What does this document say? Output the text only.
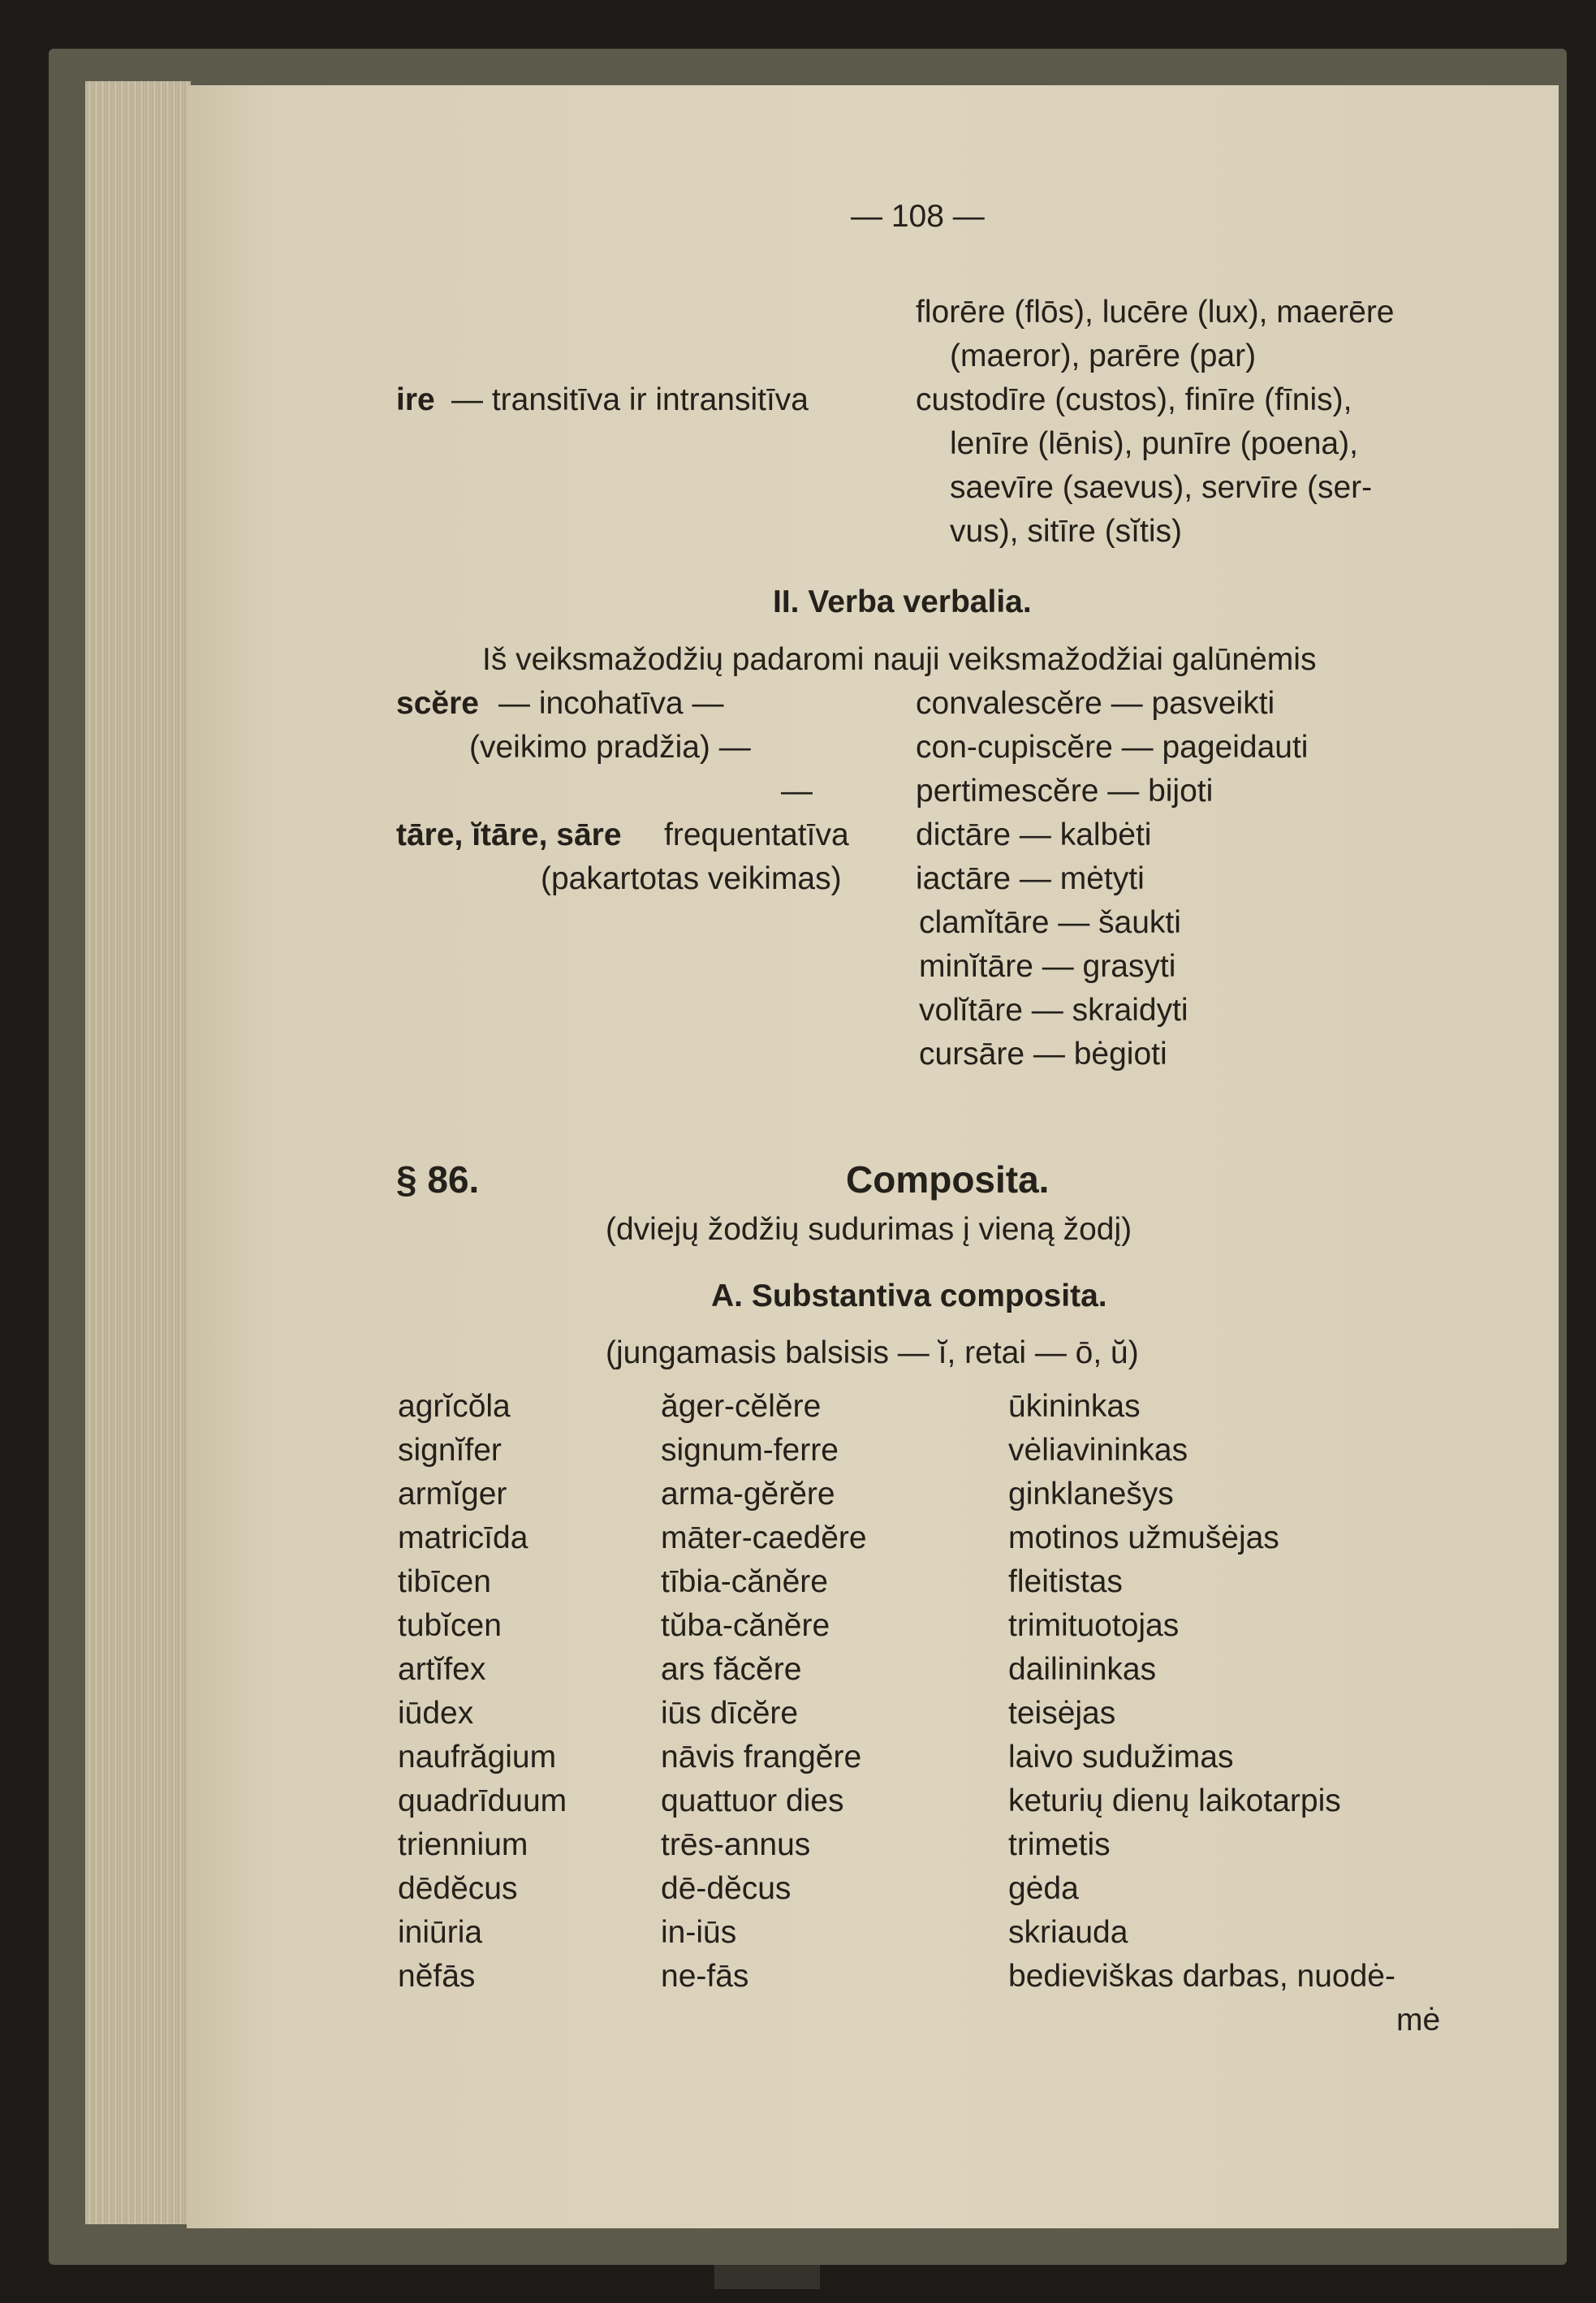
— 108 —
florēre (flōs), lucēre (lux), maerēre
(maeror), parēre (par)
ire — transitīva ir intransitīva	custodīre (custos), finīre (fīnis),
lenīre (lēnis), punīre (poena),
saevīre (saevus), servīre (ser-
vus), sitīre (sĭtis)
II. Verba verbalia.
Iš veiksmažodžių padaromi nauji veiksmažodžiai galūnėmis
scĕre — incohatīva —	convalescĕre — pasveikti
(veikimo pradžia) —	con-cupiscĕre — pageidauti
—	pertimescĕre — bijoti
tāre, ĭtāre, sāre frequentatīva dictāre — kalbėti
(pakartotas veikimas) iactāre — mėtyti
clamĭtāre — šaukti
minĭtāre — grasyti
volĭtāre — skraidyti
cursāre — bėgioti
§ 86.	Composita.
(dviejų žodžių sudurimas į vieną žodį)
A. Substantiva composita.
(jungamasis balsisis — ĭ, retai — ō, ŭ)
agrĭcŏla	ăger-cĕlĕre	ūkininkas
signĭfer	signum-ferre	vėliavininkas
armĭger	arma-gĕrĕre	ginklanešys
matricīda	māter-caedĕre	motinos užmušėjas
tibīcen	tībia-cănĕre	fleitistas
tubĭcen	tŭba-cănĕre	trimituotojas
artĭfex	ars făcĕre	dailininkas
iūdex	iūs dīcĕre	teisėjas
naufrăgium	nāvis frangĕre	laivo sudužimas
quadrīduum	quattuor dies	keturių dienų laikotarpis
triennium	trēs-annus	trimetis
dēdĕcus	dē-dĕcus	gėda
iniūria	in-iūs	skriauda
nĕfās	ne-fās	bedieviškas darbas, nuodė-
mė
